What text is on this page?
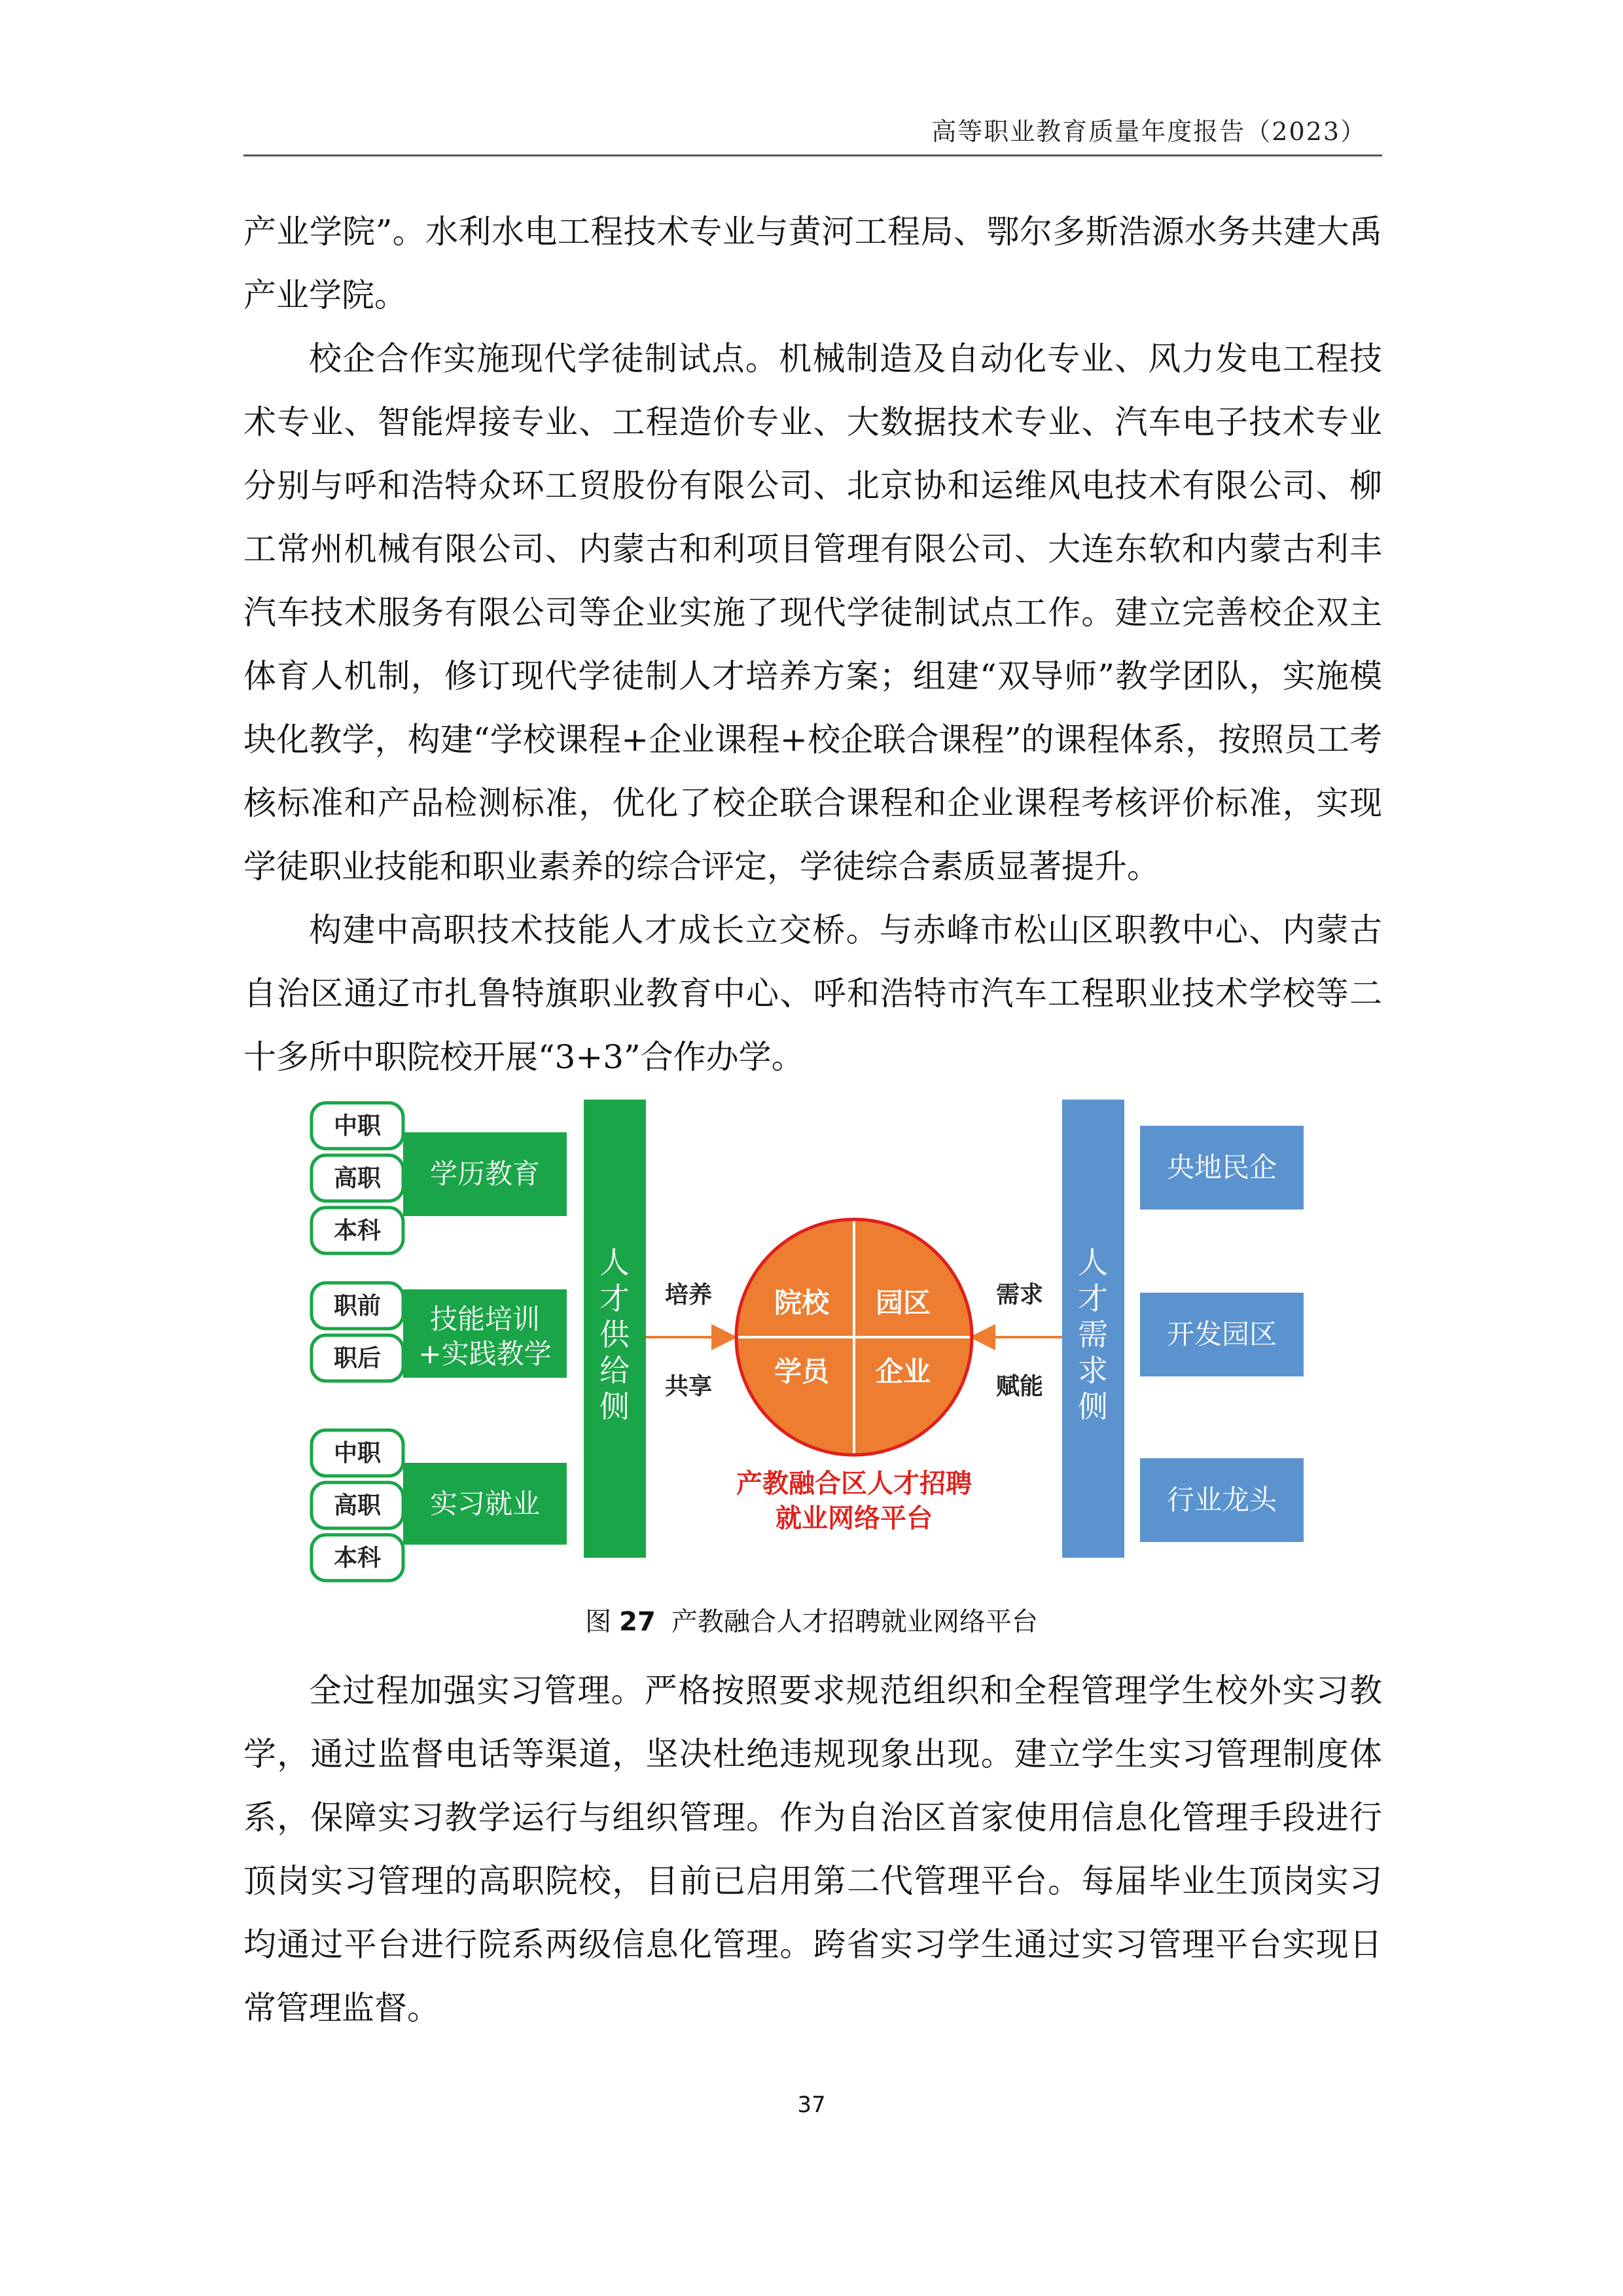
高等职业教育质量年度报告（2023）

产业学院”。水利水电工程技术专业与黄河工程局、鄂尔多斯浩源水务共建大禹产业学院。

校企合作实施现代学徒制试点。机械制造及自动化专业、风力发电工程技术专业、智能焊接专业、工程造价专业、大数据技术专业、汽车电子技术专业分别与呼和浩特众环工贸股份有限公司、北京协和运维风电技术有限公司、柳工常州机械有限公司、内蒙古和利项目管理有限公司、大连东软和内蒙古利丰汽车技术服务有限公司等企业实施了现代学徒制试点工作。建立完善校企双主体育人机制，修订现代学徒制人才培养方案；组建“双导师”教学团队，实施模块化教学，构建“学校课程+企业课程+校企联合课程”的课程体系，按照员工考核标准和产品检测标准，优化了校企联合课程和企业课程考核评价标准，实现学徒职业技能和职业素养的综合评定，学徒综合素质显著提升。

构建中高职技术技能人才成长立交桥。与赤峰市松山区职教中心、内蒙古自治区通辽市扎鲁特旗职业教育中心、呼和浩特市汽车工程职业技术学校等二十多所中职院校开展“3+3”合作办学。

中职
高职
本科
学历教育
职前
职后
技能培训
+实践教学
中职
高职
本科
实习就业
人
才
供
给
侧
培养
共享
需求
赋能
院校 园区
学员 企业
产教融合区人才招聘
就业网络平台
人
才
需
求
侧
央地民企
开发园区
行业龙头
图 27 产教融合人才招聘就业网络平台

全过程加强实习管理。严格按照要求规范组织和全程管理学生校外实习教学，通过监督电话等渠道，坚决杜绝违规现象出现。建立学生实习管理制度体系，保障实习教学运行与组织管理。作为自治区首家使用信息化管理手段进行顶岗实习管理的高职院校，目前已启用第二代管理平台。每届毕业生顶岗实习均通过平台进行院系两级信息化管理。跨省实习学生通过实习管理平台实现日常管理监督。

37
